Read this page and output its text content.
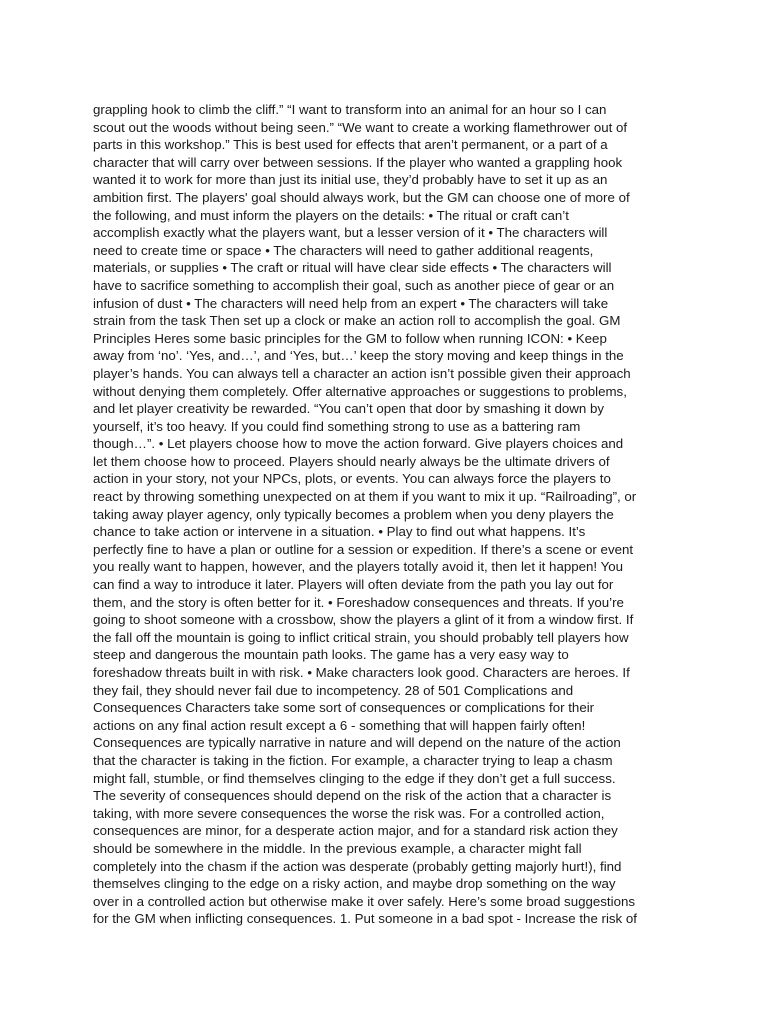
grappling hook to climb the cliff.” “I want to transform into an animal for an hour so I can
scout out the woods without being seen.” “We want to create a working flamethrower out of
parts in this workshop.” This is best used for effects that aren’t permanent, or a part of a
character that will carry over between sessions. If the player who wanted a grappling hook
wanted it to work for more than just its initial use, they’d probably have to set it up as an
ambition first. The players' goal should always work, but the GM can choose one of more of
the following, and must inform the players on the details: • The ritual or craft can’t
accomplish exactly what the players want, but a lesser version of it • The characters will
need to create time or space • The characters will need to gather additional reagents,
materials, or supplies • The craft or ritual will have clear side effects • The characters will
have to sacrifice something to accomplish their goal, such as another piece of gear or an
infusion of dust • The characters will need help from an expert • The characters will take
strain from the task Then set up a clock or make an action roll to accomplish the goal. GM
Principles Heres some basic principles for the GM to follow when running ICON: • Keep
away from ‘no’. ‘Yes, and…’, and ‘Yes, but…’ keep the story moving and keep things in the
player’s hands. You can always tell a character an action isn’t possible given their approach
without denying them completely. Offer alternative approaches or suggestions to problems,
and let player creativity be rewarded. “You can’t open that door by smashing it down by
yourself, it’s too heavy. If you could find something strong to use as a battering ram
though…”. • Let players choose how to move the action forward. Give players choices and
let them choose how to proceed. Players should nearly always be the ultimate drivers of
action in your story, not your NPCs, plots, or events. You can always force the players to
react by throwing something unexpected on at them if you want to mix it up. “Railroading”, or
taking away player agency, only typically becomes a problem when you deny players the
chance to take action or intervene in a situation. • Play to find out what happens. It’s
perfectly fine to have a plan or outline for a session or expedition. If there’s a scene or event
you really want to happen, however, and the players totally avoid it, then let it happen! You
can find a way to introduce it later. Players will often deviate from the path you lay out for
them, and the story is often better for it. • Foreshadow consequences and threats. If you’re
going to shoot someone with a crossbow, show the players a glint of it from a window first. If
the fall off the mountain is going to inflict critical strain, you should probably tell players how
steep and dangerous the mountain path looks. The game has a very easy way to
foreshadow threats built in with risk. • Make characters look good. Characters are heroes. If
they fail, they should never fail due to incompetency. 28 of 501 Complications and
Consequences Characters take some sort of consequences or complications for their
actions on any final action result except a 6 - something that will happen fairly often!
Consequences are typically narrative in nature and will depend on the nature of the action
that the character is taking in the fiction. For example, a character trying to leap a chasm
might fall, stumble, or find themselves clinging to the edge if they don’t get a full success.
The severity of consequences should depend on the risk of the action that a character is
taking, with more severe consequences the worse the risk was. For a controlled action,
consequences are minor, for a desperate action major, and for a standard risk action they
should be somewhere in the middle. In the previous example, a character might fall
completely into the chasm if the action was desperate (probably getting majorly hurt!), find
themselves clinging to the edge on a risky action, and maybe drop something on the way
over in a controlled action but otherwise make it over safely. Here’s some broad suggestions
for the GM when inflicting consequences. 1. Put someone in a bad spot - Increase the risk of
